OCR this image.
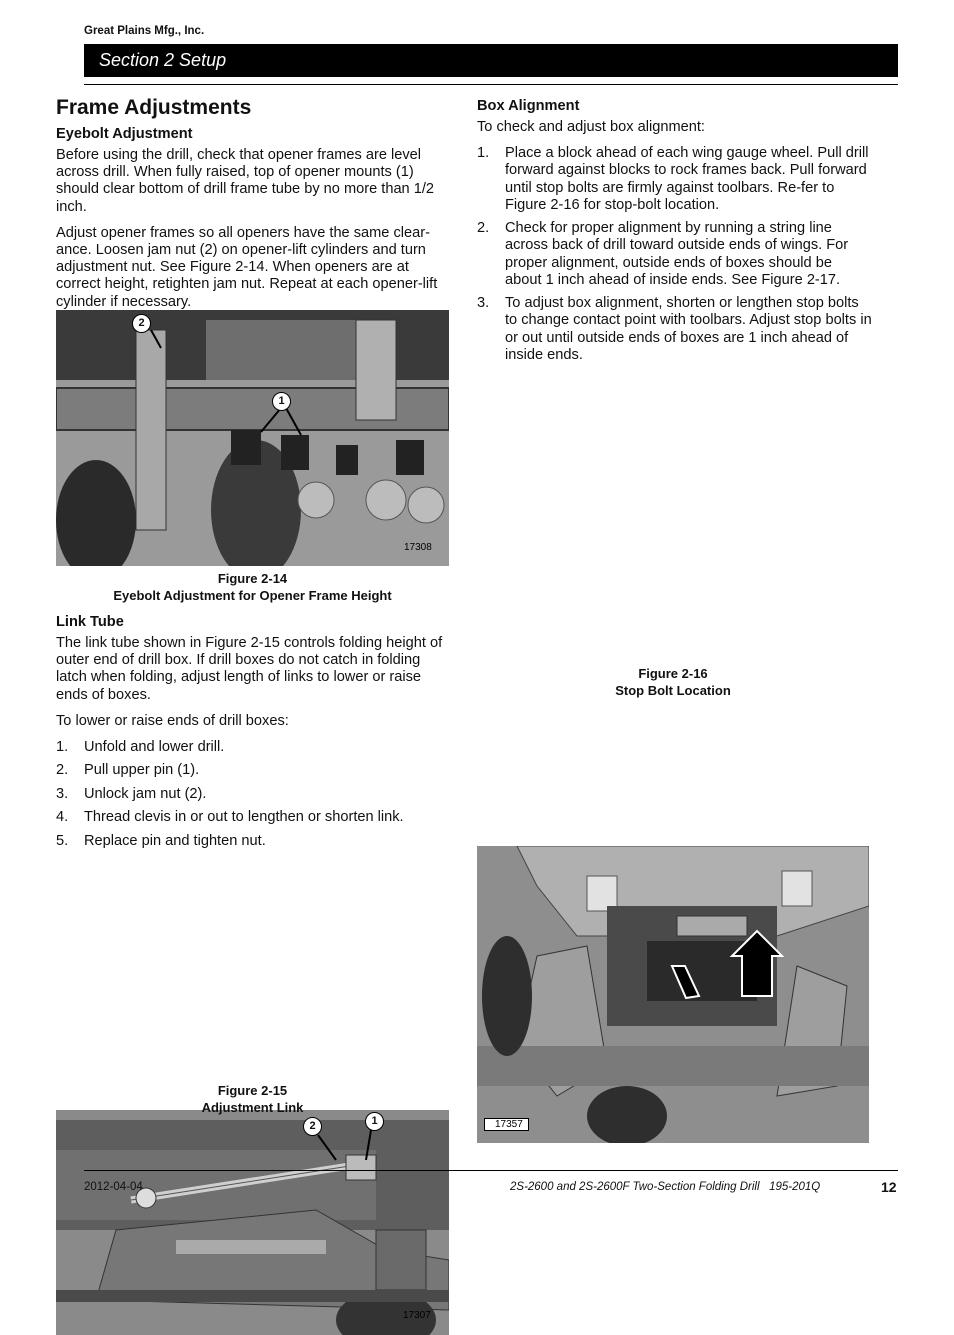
Great Plains Mfg., Inc.
Section 2 Setup
Frame Adjustments
Eyebolt Adjustment

Before using the drill, check that opener frames are level across drill. When fully raised, top of opener mounts (1) should clear bottom of drill frame tube by no more than 1/2 inch.

Adjust opener frames so all openers have the same clear-ance. Loosen jam nut (2) on opener-lift cylinders and turn adjustment nut. See Figure 2-14. When openers are at correct height, retighten jam nut. Repeat at each opener-lift cylinder if necessary.

2
1
17308
Figure 2-14
Eyebolt Adjustment for Opener Frame Height
Link Tube

The link tube shown in Figure 2-15 controls folding height of outer end of drill box. If drill boxes do not catch in folding latch when folding, adjust length of links to lower or raise ends of boxes.

To lower or raise ends of drill boxes:

1. Unfold and lower drill.
2. Pull upper pin (1).
3. Unlock jam nut (2).
4. Thread clevis in or out to lengthen or shorten link.
5. Replace pin and tighten nut.
2	1
17307
Figure 2-15
Adjustment Link
Box Alignment

To check and adjust box alignment:

1. Place a block ahead of each wing gauge wheel. Pull drill forward against blocks to rock frames back. Pull forward until stop bolts are firmly against toolbars. Re-fer to Figure 2-16 for stop-bolt location.
2. Check for proper alignment by running a string line across back of drill toward outside ends of wings. For proper alignment, outside ends of boxes should be about 1 inch ahead of inside ends. See Figure 2-17.
3. To adjust box alignment, shorten or lengthen stop bolts to change contact point with toolbars. Adjust stop bolts in or out until outside ends of boxes are 1 inch ahead of inside ends.
17357
Figure 2-16
Stop Bolt Location
2012-04-04	2S-2600 and 2S-2600F Two-Section Folding Drill   195-201Q	12
